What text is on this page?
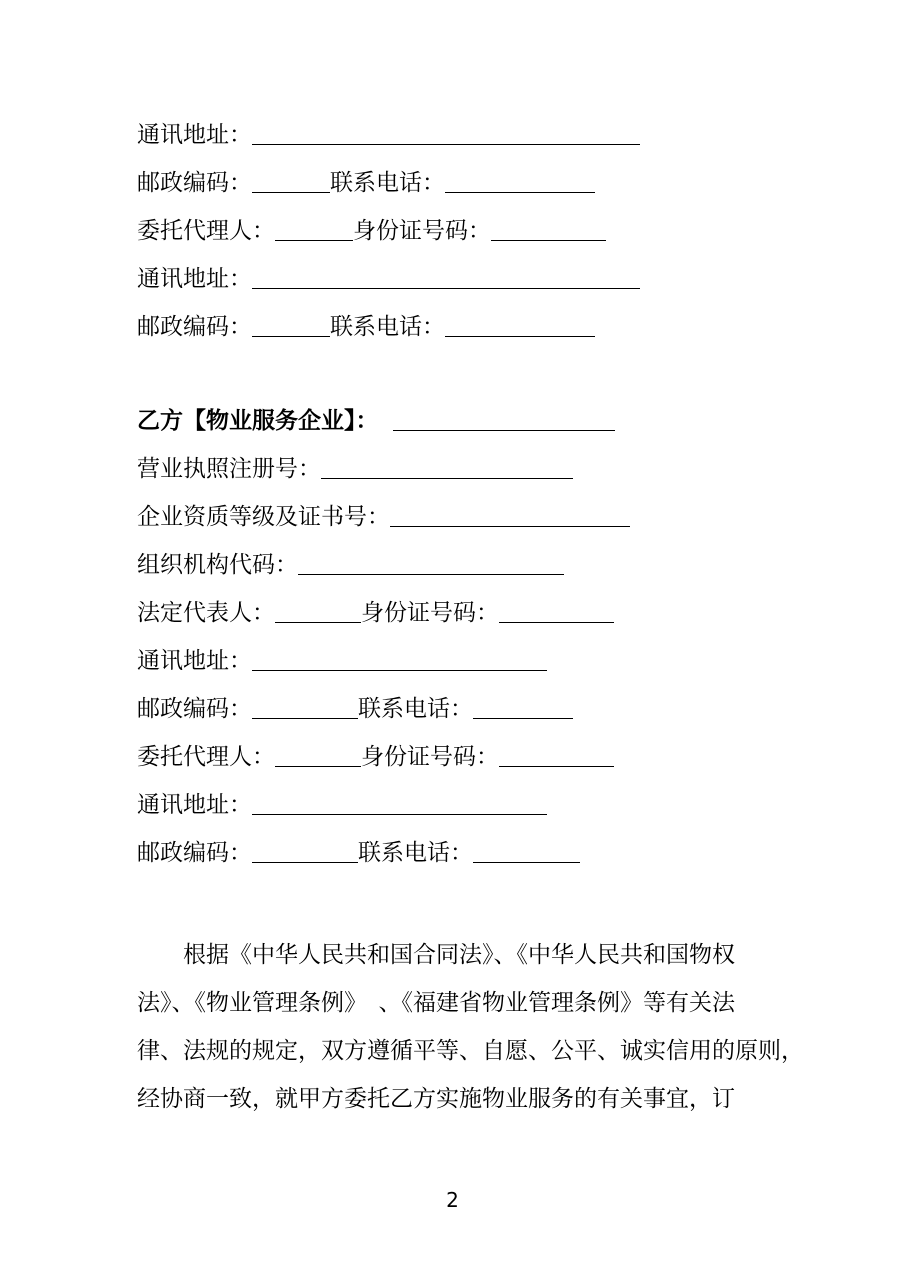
通讯地址：
邮政编码：	联系电话：
委托代理人：	身份证号码：
通讯地址：
邮政编码：	联系电话：
乙方【物业服务企业】：
营业执照注册号：
企业资质等级及证书号：
组织机构代码：
法定代表人：	身份证号码：
通讯地址：
邮政编码：	联系电话：
委托代理人：	身份证号码：
通讯地址：
邮政编码：	联系电话：

根据《中华人民共和国合同法》、《中华人民共和国物权

法》、《物业管理条例》　、《福建省物业管理条例》等有关法

律、法规的规定，双方遵循平等、自愿、公平、诚实信用的原则，

经协商一致，就甲方委托乙方实施物业服务的有关事宜，订

2
